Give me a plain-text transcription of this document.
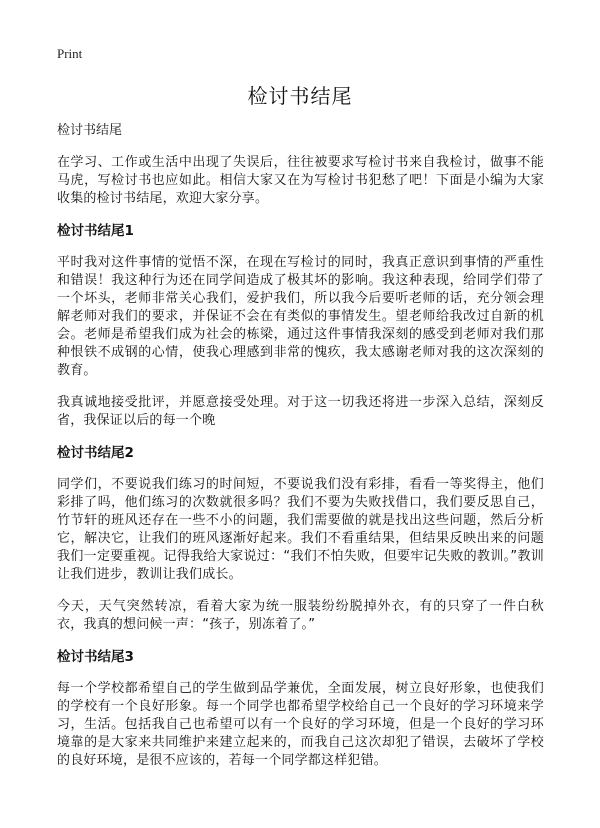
Print
检讨书结尾
检讨书结尾

在学习、工作或生活中出现了失误后，往往被要求写检讨书来自我检讨，做事不能马虎，写检讨书也应如此。相信大家又在为写检讨书犯愁了吧！下面是小编为大家收集的检讨书结尾，欢迎大家分享。

检讨书结尾1

平时我对这件事情的觉悟不深，在现在写检讨的同时，我真正意识到事情的严重性和错误！我这种行为还在同学间造成了极其坏的影响。我这种表现，给同学们带了一个坏头，老师非常关心我们，爱护我们，所以我今后要听老师的话，充分领会理解老师对我们的要求，并保证不会在有类似的事情发生。望老师给我改过自新的机会。老师是希望我们成为社会的栋梁，通过这件事情我深刻的感受到老师对我们那种恨铁不成钢的心情，使我心理感到非常的愧疚，我太感谢老师对我的这次深刻的教育。

我真诚地接受批评，并愿意接受处理。对于这一切我还将进一步深入总结，深刻反省，我保证以后的每一个晚

检讨书结尾2

同学们，不要说我们练习的时间短，不要说我们没有彩排，看看一等奖得主，他们彩排了吗，他们练习的次数就很多吗？我们不要为失败找借口，我们要反思自己，竹节轩的班风还存在一些不小的问题，我们需要做的就是找出这些问题，然后分析它，解决它，让我们的班风逐渐好起来。我们不看重结果，但结果反映出来的问题我们一定要重视。记得我给大家说过：“我们不怕失败，但要牢记失败的教训。”教训让我们进步，教训让我们成长。

今天，天气突然转凉，看着大家为统一服装纷纷脱掉外衣，有的只穿了一件白秋衣，我真的想问候一声：“孩子，别冻着了。”

检讨书结尾3

每一个学校都希望自己的学生做到品学兼优，全面发展，树立良好形象，也使我们的学校有一个良好形象。每一个同学也都希望学校给自己一个良好的学习环境来学习，生活。包括我自己也希望可以有一个良好的学习环境，但是一个良好的学习环境靠的是大家来共同维护来建立起来的，而我自己这次却犯了错误，去破坏了学校的良好环境，是很不应该的，若每一个同学都这样犯错。
